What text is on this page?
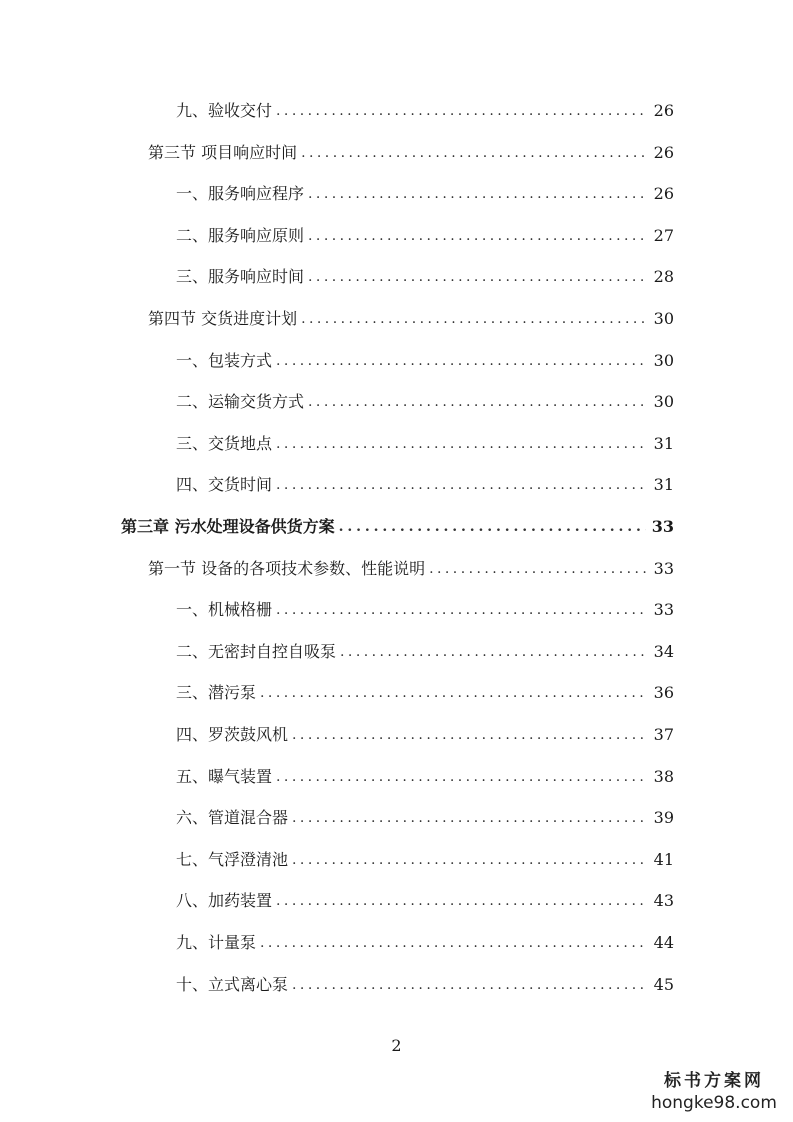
九、验收交付 . . .	26
第三节 项目响应时间 . . .	26
一、服务响应程序 . . .	26
二、服务响应原则 . . .	27
三、服务响应时间 . . .	28
第四节 交货进度计划 . . .	30
一、包装方式 . . .	30
二、运输交货方式 . . .	30
三、交货地点 . . .	31
四、交货时间 . . .	31
第三章 污水处理设备供货方案 . . .	33
第一节 设备的各项技术参数、性能说明 . . .	33
一、机械格栅 . . .	33
二、无密封自控自吸泵 . . .	34
三、潜污泵 . . .	36
四、罗茨鼓风机 . . .	37
五、曝气装置 . . .	38
六、管道混合器 . . .	39
七、气浮澄清池 . . .	41
八、加药装置 . . .	43
九、计量泵 . . .	44
十、立式离心泵 . . .	45
2
标书方案网
hongke98.com
